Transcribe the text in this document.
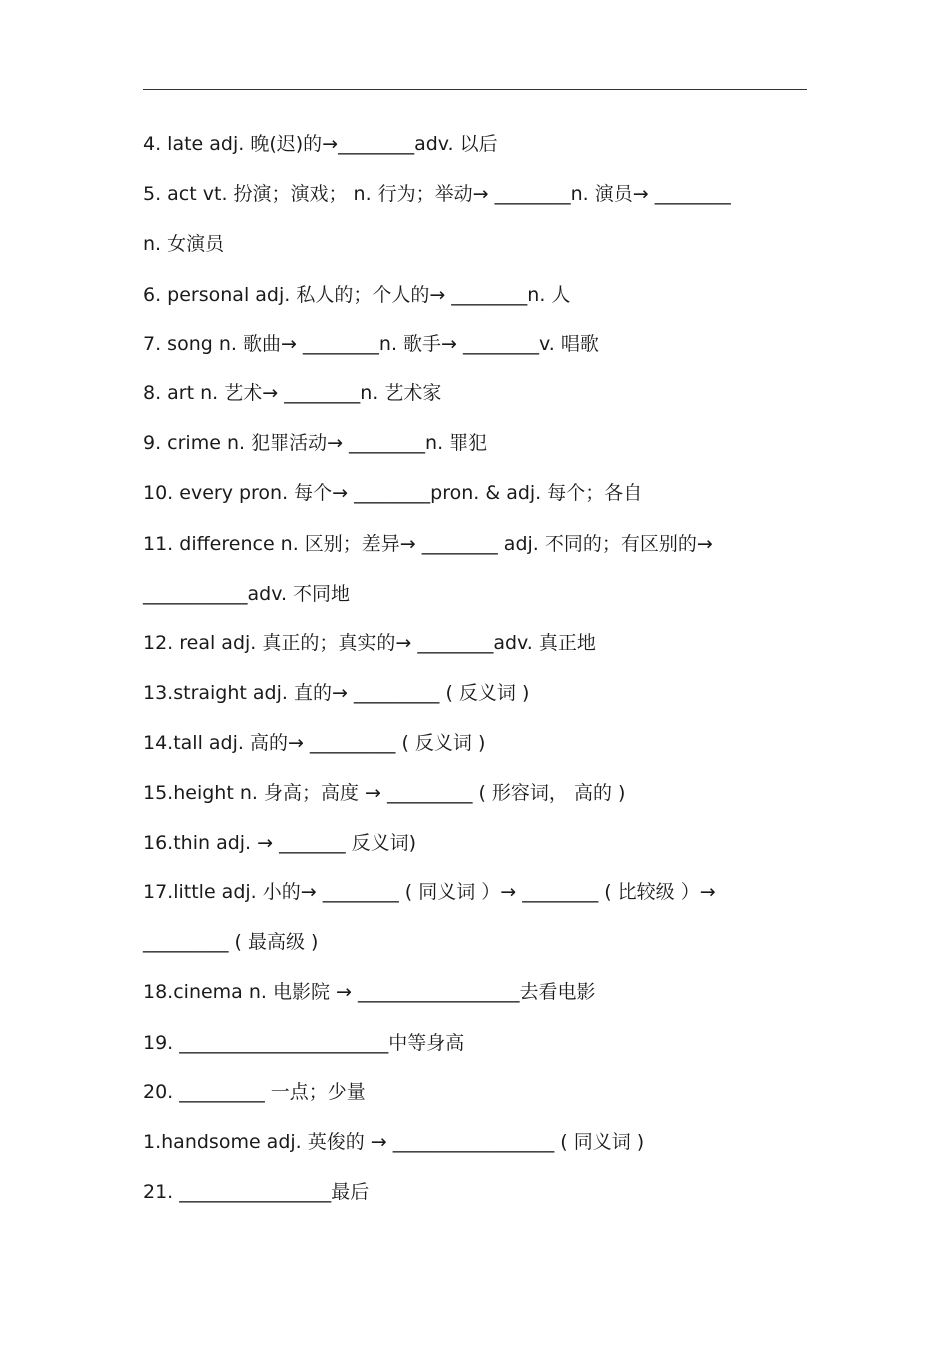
4. late adj. 晚(迟)的→________adv. 以后
5. act vt. 扮演；演戏； n. 行为；举动→ ________n. 演员→ ________
n. 女演员
6. personal adj. 私人的；个人的→ ________n. 人
7. song n. 歌曲→ ________n. 歌手→ ________v. 唱歌
8. art n. 艺术→ ________n. 艺术家
9. crime n. 犯罪活动→ ________n. 罪犯
10. every pron. 每个→ ________pron. & adj. 每个；各自
11. difference n. 区别；差异→ ________ adj. 不同的；有区别的→
___________adv. 不同地
12. real adj. 真正的；真实的→ ________adv. 真正地
13.straight adj. 直的→ _________ ( 反义词 )
14.tall adj. 高的→ _________ ( 反义词 )
15.height n. 身高；高度 → _________ ( 形容词， 高的 )
16.thin adj. → _______ 反义词)
17.little adj. 小的→ ________ ( 同义词 ）→ ________ ( 比较级 ）→
_________ ( 最高级 )
18.cinema n. 电影院 → _________________去看电影
19. ______________________中等身高
20. _________ 一点；少量
1.handsome adj. 英俊的 → _________________ ( 同义词 )
21. ________________最后
